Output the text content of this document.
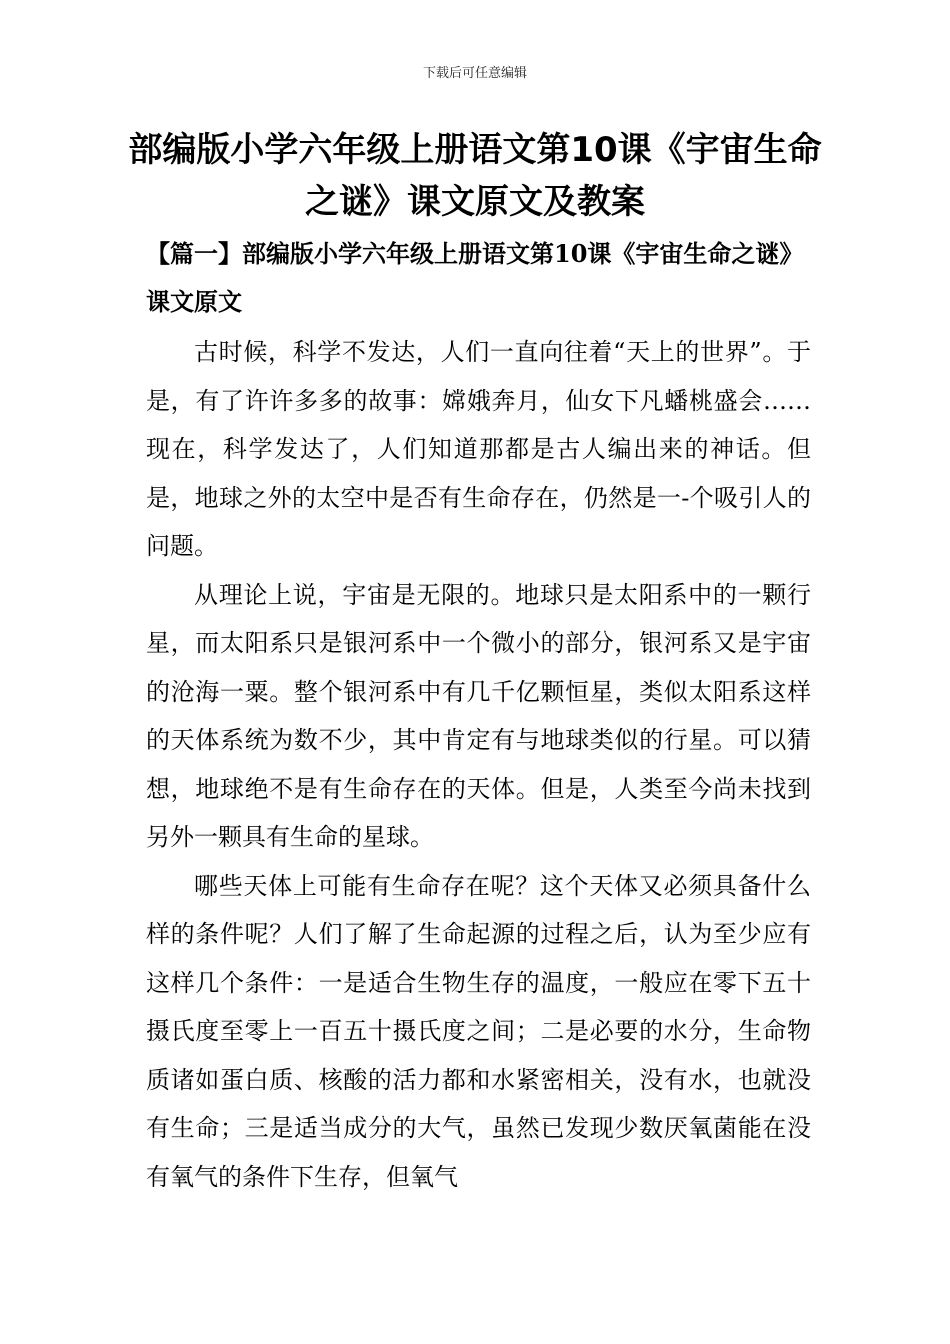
下载后可任意编辑
部编版小学六年级上册语文第10课《宇宙生命之谜》课文原文及教案
【篇一】部编版小学六年级上册语文第10课《宇宙生命之谜》课文原文

古时候，科学不发达，人们一直向往着“天上的世界”。于是，有了许许多多的故事：嫦娥奔月，仙女下凡蟠桃盛会……现在，科学发达了，人们知道那都是古人编出来的神话。但是，地球之外的太空中是否有生命存在，仍然是一-个吸引人的问题。

从理论上说，宇宙是无限的。地球只是太阳系中的一颗行星，而太阳系只是银河系中一个微小的部分，银河系又是宇宙的沧海一粟。整个银河系中有几千亿颗恒星，类似太阳系这样的天体系统为数不少，其中肯定有与地球类似的行星。可以猜想，地球绝不是有生命存在的天体。但是，人类至今尚未找到另外一颗具有生命的星球。

哪些天体上可能有生命存在呢？这个天体又必须具备什么样的条件呢？人们了解了生命起源的过程之后，认为至少应有这样几个条件：一是适合生物生存的温度，一般应在零下五十摄氏度至零上一百五十摄氏度之间；二是必要的水分，生命物质诸如蛋白质、核酸的活力都和水紧密相关，没有水，也就没有生命；三是适当成分的大气，虽然已发现少数厌氧菌能在没有氧气的条件下生存，但氧气
